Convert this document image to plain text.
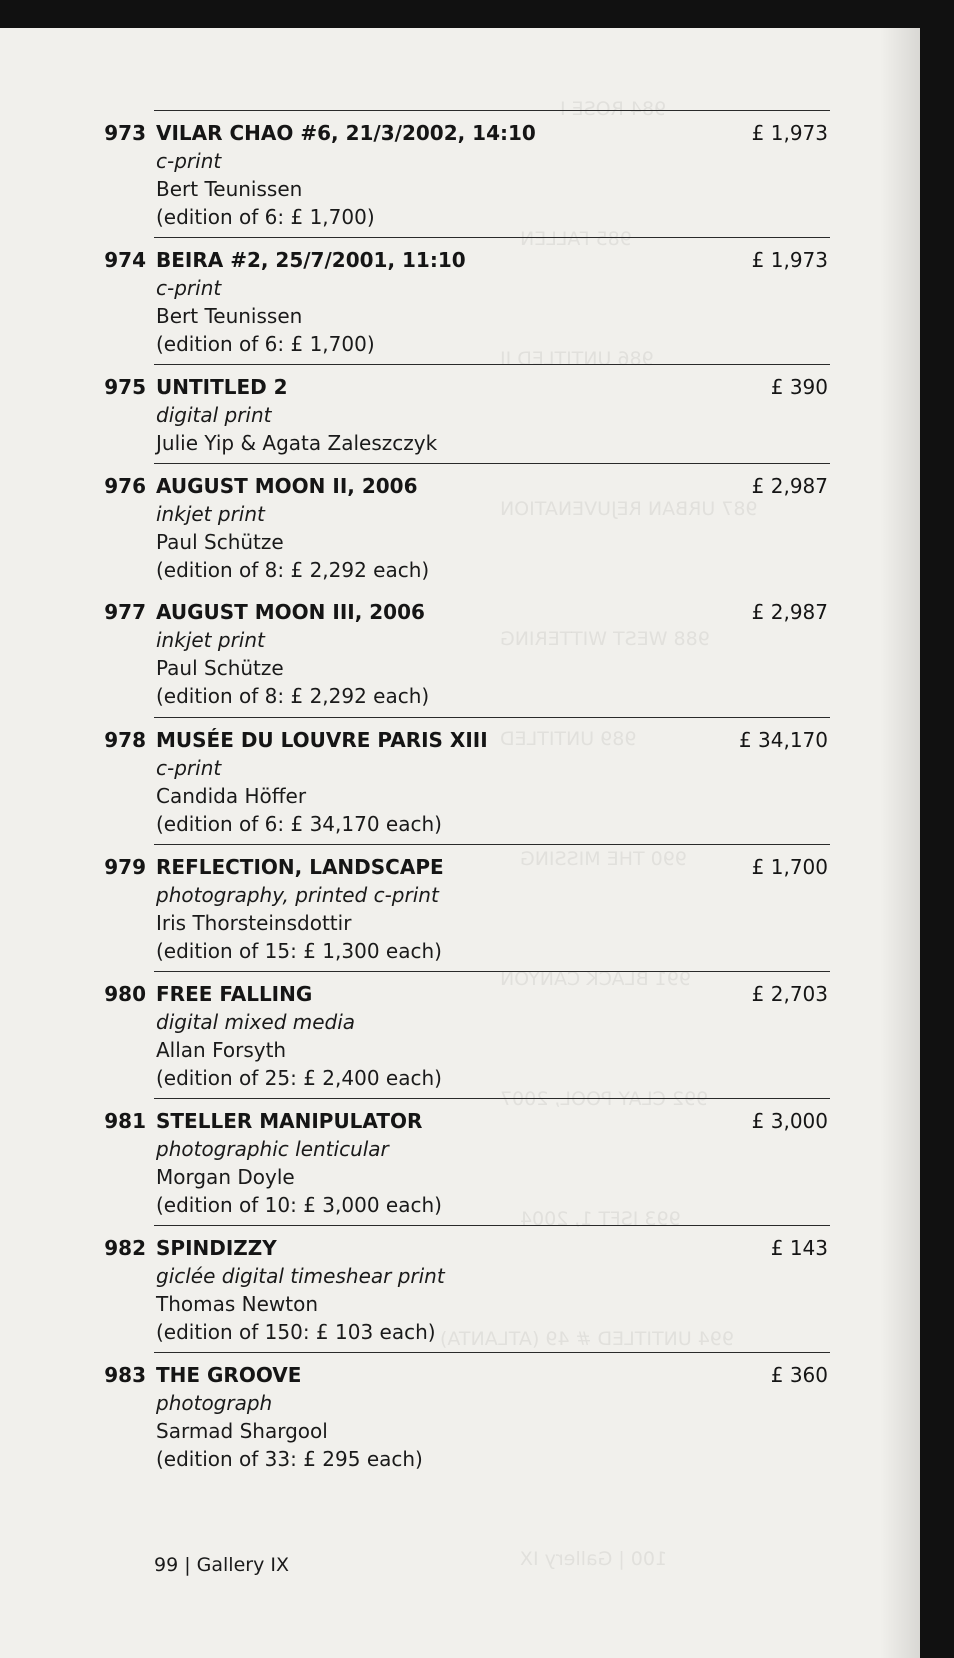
984 ROSE I
985 FALLEN
986 UNTITLED II
987 URBAN REJUVENATION
988 WEST WITTERING
989 UNTITLED
990 THE MISSING
991 BLACK CANYON
992 CLAY POOL, 2007
993 ISFT 1, 2004
994 UNTITLED # 49 (ATLANTA)
100 | Gallery IX
973 VILAR CHAO #6, 21/3/2002, 14:10	£ 1,973
c-print
Bert Teunissen
(edition of 6: £ 1,700)
974 BEIRA #2, 25/7/2001, 11:10	£ 1,973
c-print
Bert Teunissen
(edition of 6: £ 1,700)
975 UNTITLED 2	£ 390
digital print
Julie Yip & Agata Zaleszczyk
976 AUGUST MOON II, 2006	£ 2,987
inkjet print
Paul Schütze
(edition of 8: £ 2,292 each)
977 AUGUST MOON III, 2006	£ 2,987
inkjet print
Paul Schütze
(edition of 8: £ 2,292 each)
978 MUSÉE DU LOUVRE PARIS XIII	£ 34,170
c-print
Candida Höffer
(edition of 6: £ 34,170 each)
979 REFLECTION, LANDSCAPE	£ 1,700
photography, printed c-print
Iris Thorsteinsdottir
(edition of 15: £ 1,300 each)
980 FREE FALLING	£ 2,703
digital mixed media
Allan Forsyth
(edition of 25: £ 2,400 each)
981 STELLER MANIPULATOR	£ 3,000
photographic lenticular
Morgan Doyle
(edition of 10: £ 3,000 each)
982 SPINDIZZY	£ 143
giclée digital timeshear print
Thomas Newton
(edition of 150: £ 103 each)
983 THE GROOVE	£ 360
photograph
Sarmad Shargool
(edition of 33: £ 295 each)
99 | Gallery IX
